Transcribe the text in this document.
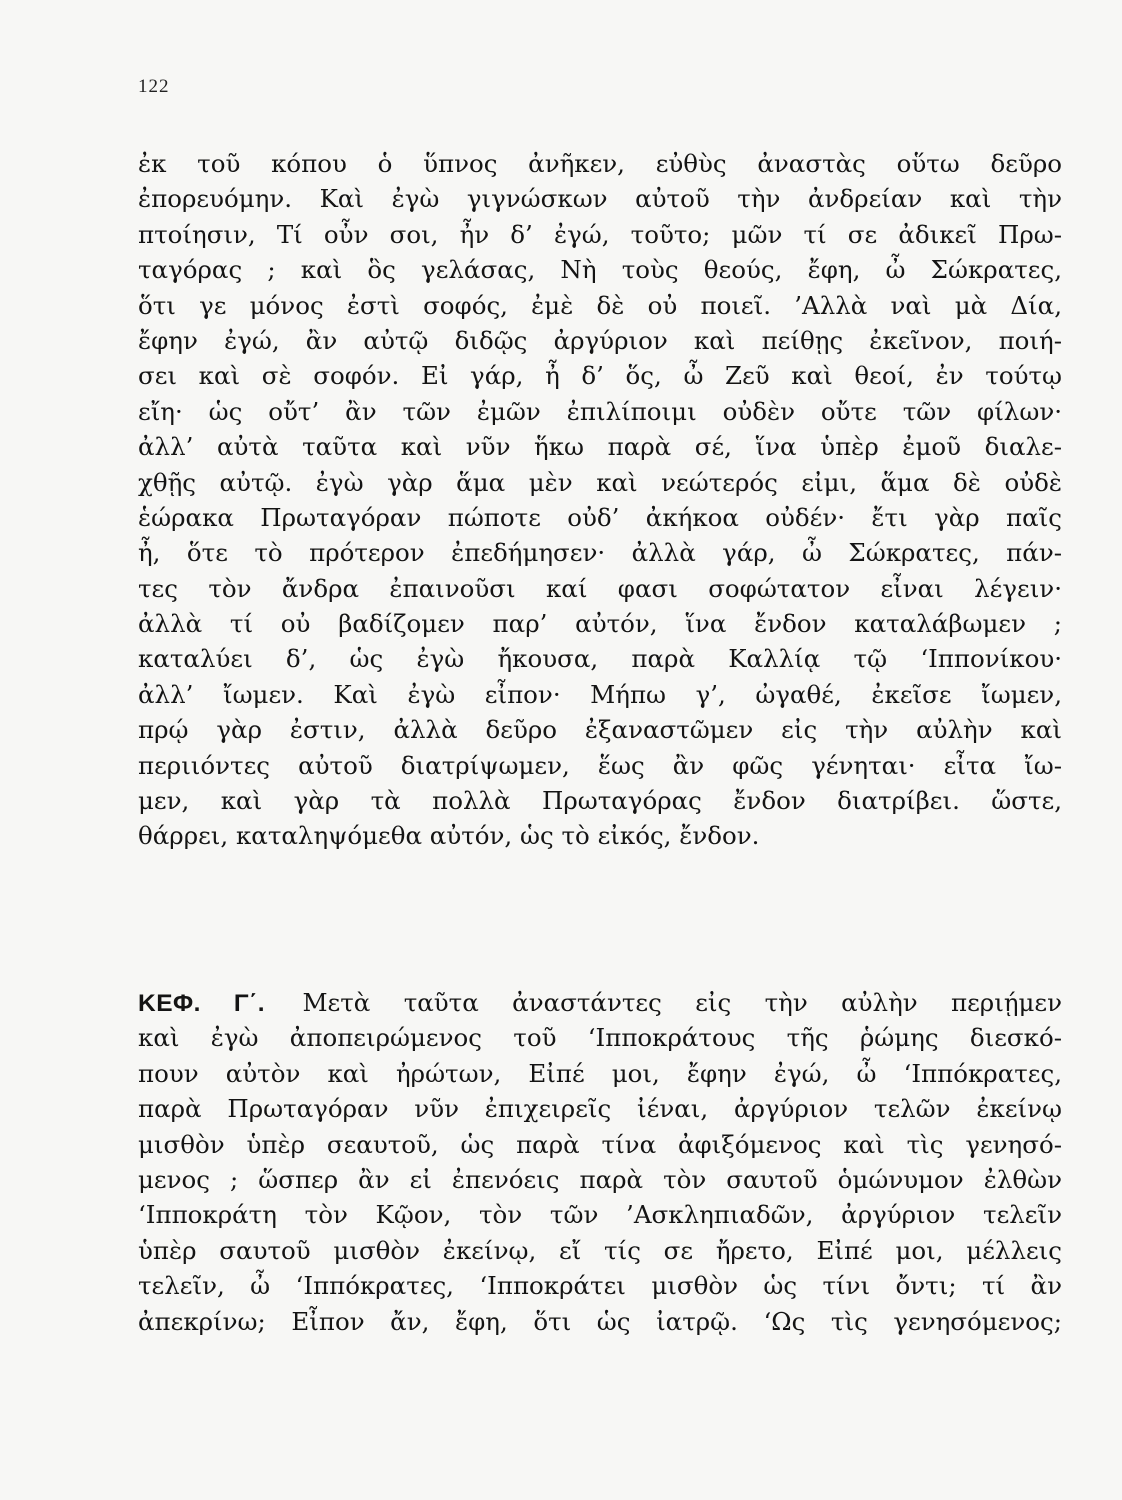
122
ἐκ τοῦ κόπου ὁ ὕπνος ἀνῆκεν, εὐθὺς ἀναστὰς οὕτω δεῦρο
ἐπορευόμην. Καὶ ἐγὼ γιγνώσκων αὐτοῦ τὴν ἀνδρείαν καὶ τὴν
πτοίησιν, Τί οὖν σοι, ἦν δ’ ἐγώ, τοῦτο; μῶν τί σε ἀδικεῖ Πρω-
ταγόρας ; καὶ ὃς γελάσας, Νὴ τοὺς θεούς, ἔφη, ὦ Σώκρατες,
ὅτι γε μόνος ἐστὶ σοφός, ἐμὲ δὲ οὐ ποιεῖ. ’Αλλὰ ναὶ μὰ Δία,
ἔφην ἐγώ, ἂν αὐτῷ διδῷς ἀργύριον καὶ πείθῃς ἐκεῖνον, ποιή-
σει καὶ σὲ σοφόν. Εἰ γάρ, ἦ δ’ ὅς, ὦ Ζεῦ καὶ θεοί, ἐν τούτῳ
εἴη· ὡς οὔτ’ ἂν τῶν ἐμῶν ἐπιλίποιμι οὐδὲν οὔτε τῶν φίλων·
ἀλλ’ αὐτὰ ταῦτα καὶ νῦν ἥκω παρὰ σέ, ἵνα ὑπὲρ ἐμοῦ διαλε-
χθῇς αὐτῷ. ἐγὼ γὰρ ἅμα μὲν καὶ νεώτερός εἰμι, ἅμα δὲ οὐδὲ
ἑώρακα Πρωταγόραν πώποτε οὐδ’ ἀκήκοα οὐδέν· ἔτι γὰρ παῖς
ἦ, ὅτε τὸ πρότερον ἐπεδήμησεν· ἀλλὰ γάρ, ὦ Σώκρατες, πάν-
τες τὸν ἄνδρα ἐπαινοῦσι καί φασι σοφώτατον εἶναι λέγειν·
ἀλλὰ τί οὐ βαδίζομεν παρ’ αὐτόν, ἵνα ἔνδον καταλάβωμεν ;
καταλύει δ’, ὡς ἐγὼ ἤκουσα, παρὰ Καλλίᾳ τῷ ‘Ιππονίκου·
ἀλλ’ ἴωμεν. Καὶ ἐγὼ εἶπον· Μήπω γ’, ὠγαθέ, ἐκεῖσε ἴωμεν,
πρῴ γὰρ ἐστιν, ἀλλὰ δεῦρο ἐξαναστῶμεν εἰς τὴν αὐλὴν καὶ
περιιόντες αὐτοῦ διατρίψωμεν, ἕως ἂν φῶς γένηται· εἶτα ἴω-
μεν, καὶ γὰρ τὰ πολλὰ Πρωταγόρας ἔνδον διατρίβει. ὥστε,
θάρρει, καταληψόμεθα αὐτόν, ὡς τὸ εἰκός, ἔνδον.
ΚΕΦ. Γ΄. Μετὰ ταῦτα ἀναστάντες εἰς τὴν αὐλὴν περιῄμεν
καὶ ἐγὼ ἀποπειρώμενος τοῦ ‘Ιπποκράτους τῆς ῥώμης διεσκό-
πουν αὐτὸν καὶ ἠρώτων, Εἰπέ μοι, ἔφην ἐγώ, ὦ ‘Ιππόκρατες,
παρὰ Πρωταγόραν νῦν ἐπιχειρεῖς ἰέναι, ἀργύριον τελῶν ἐκείνῳ
μισθὸν ὑπὲρ σεαυτοῦ, ὡς παρὰ τίνα ἀφιξόμενος καὶ τὶς γενησό-
μενος ; ὥσπερ ἂν εἰ ἐπενόεις παρὰ τὸν σαυτοῦ ὁμώνυμον ἐλθὼν
‘Ιπποκράτη τὸν Κῷον, τὸν τῶν ’Ασκληπιαδῶν, ἀργύριον τελεῖν
ὑπὲρ σαυτοῦ μισθὸν ἐκείνῳ, εἴ τίς σε ἤρετο, Εἰπέ μοι, μέλλεις
τελεῖν, ὦ ‘Ιππόκρατες, ‘Ιπποκράτει μισθὸν ὡς τίνι ὄντι; τί ἂν
ἀπεκρίνω; Εἶπον ἄν, ἔφη, ὅτι ὡς ἰατρῷ. ‘Ως τὶς γενησόμενος;
